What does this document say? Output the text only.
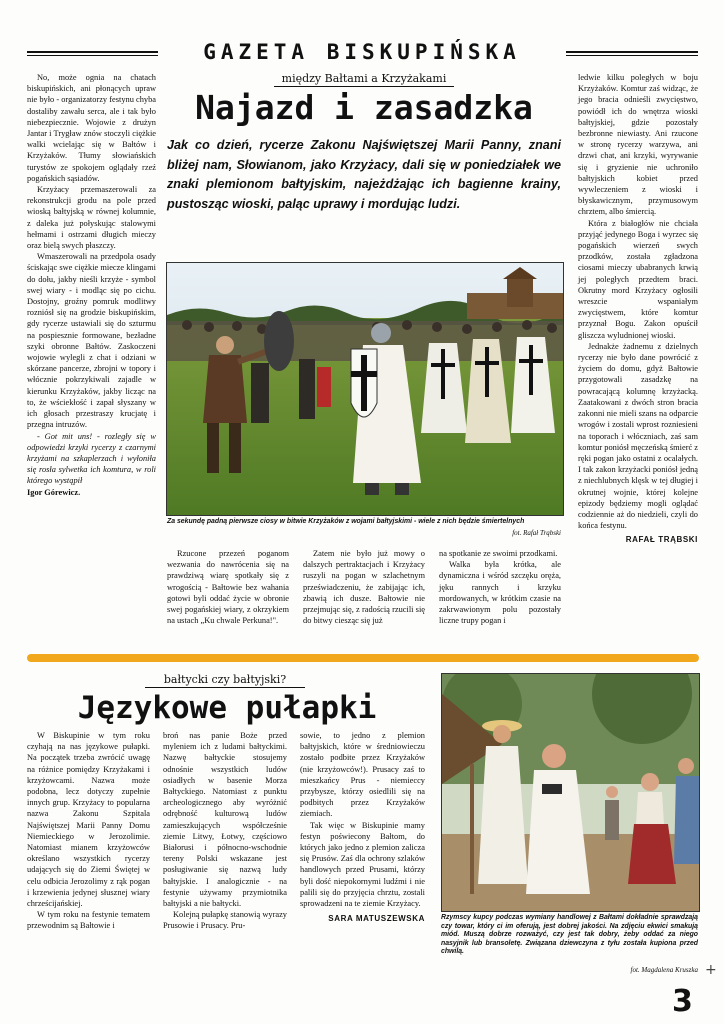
GAZETA BISKUPIŃSKA
między Bałtami a Krzyżakami
Najazd i zasadzka
Jak co dzień, rycerze Zakonu Najświętszej Marii Panny, znani bliżej nam, Słowianom, jako Krzyżacy, dali się w poniedziałek we znaki plemionom bałtyjskim, najeżdżając ich bagienne krainy, pustosząc wioski, paląc uprawy i mordując ludzi.

No, może ognia na chatach biskupińskich, ani płonących upraw nie było - organizatorzy festynu chyba dostaliby zawału serca, ale i tak było niebezpiecznie. Wojowie z drużyn Jantar i Trygław znów stoczyli ciężkie walki wcielając się w Bałtów i Krzyżaków. Tłumy słowiańskich turystów ze spokojem oglądały rzeź pogańskich sąsiadów.

Krzyżacy przemaszerowali za rekonstrukcji grodu na pole przed wioską bałtyjską w równej kolumnie, z daleka już połyskując stalowymi hełmami i ostrzami długich mieczy oraz bielą swych płaszczy.

Wmaszerowali na przedpola osady ściskając swe ciężkie miecze klingami do dołu, jakby nieśli krzyże - symbol swej wiary - i modląc się po cichu. Dostojny, groźny pomruk modlitwy rozniósł się na grodzie biskupińskim, gdy rycerze ustawiali się do szturmu na pospiesznie formowane, bezładne szyki obronne Bałtów. Zaskoczeni wojowie wylegli z chat i odziani w skórzane pancerze, zbrojni w topory i włócznie pokrzykiwali zajadle w kierunku Krzyżaków, jakby licząc na to, że wściekłość i zapał słyszany w ich głosach przestraszy krucjatę i przegna intruzów.

- Got mit uns! - rozległy się w odpowiedzi krzyki rycerzy z czarnymi krzyżami na szkaplerzach i wyłoniła się rosła sylwetka ich komtura, w roli którego wystąpił

Igor Górewicz.

ledwie kilku poległych w boju Krzyżaków. Komtur zaś widząc, że jego bracia odnieśli zwycięstwo, powiódł ich do wnętrza wioski bałtyjskiej, gdzie pozostały bezbronne niewiasty. Ani rzucone w stronę rycerzy warzywa, ani drzwi chat, ani krzyki, wyrywanie się i gryzienie nie uchroniło bałtyjskich kobiet przed wywleczeniem z wioski i błyskawicznym, przymusowym chrztem, albo śmiercią.

Która z białogłów nie chciała przyjąć jedynego Boga i wyrzec się pogańskich wierzeń swych przodków, została zgładzona ciosami mieczy ubabranych krwią jej poległych przedtem braci. Okrutny mord Krzyżacy ogłosili wreszcie wspaniałym zwycięstwem, które komtur przyznał Bogu. Zakon opuścił gliszcza wyludnionej wioski.

Jednakże żadnemu z dzielnych rycerzy nie było dane powrócić z życiem do domu, gdyż Bałtowie przygotowali zasadzkę na powracającą kolumnę krzyżacką. Zaatakowani z dwóch stron bracia zakonni nie mieli szans na odparcie wrogów i zostali wprost rozniesieni na toporach i włóczniach, zaś sam komtur poniósł męczeńską śmierć z ręki pogan jako ostatni z ocalałych. I tak zakon krzyżacki poniósł jedną z niechlubnych klęsk w tej długiej i okrutnej wojnie, której kolejne epizody będziemy mogli oglądać codziennie aż do niedzieli, czyli do końca festynu.

RAFAŁ TRĄBSKI
Za sekundę padną pierwsze ciosy w bitwie Krzyżaków z wojami bałtyjskimi - wiele z nich będzie śmiertelnych
fot. Rafał Trąbski

Rzucone przezeń poganom wezwania do nawrócenia się na prawdziwą wiarę spotkały się z wrogością - Bałtowie bez wahania gotowi byli oddać życie w obronie swej pogańskiej wiary, z okrzykiem na ustach „Ku chwale Perkuna!".

Zatem nie było już mowy o dalszych pertraktacjach i Krzyżacy ruszyli na pogan w szlachetnym przeświadczeniu, że zabijając ich, zbawią ich dusze. Bałtowie nie przejmując się, z radością rzucili się do bitwy ciesząc się już

na spotkanie ze swoimi przodkami.

Walka była krótka, ale dynamiczna i wśród szczęku oręża, jęku rannych i krzyku mordowanych, w krótkim czasie na zakrwawionym polu pozostały liczne trupy pogan i

bałtycki czy bałtyjski?
Językowe pułapki

W Biskupinie w tym roku czyhają na nas językowe pułapki. Na początek trzeba zwrócić uwagę na różnice pomiędzy Krzyżakami i krzyżowcami. Nazwa może podobna, lecz dotyczy zupełnie innych grup. Krzyżacy to popularna nazwa Zakonu Szpitala Najświętszej Marii Panny Domu Niemieckiego w Jerozolimie. Natomiast mianem krzyżowców określano wszystkich rycerzy udających się do Ziemi Świętej w celu odbicia Jerozolimy z rąk pogan i krzewienia jedynej słusznej wiary chrześcijańskiej.

W tym roku na festynie tematem przewodnim są Bałtowie i

broń nas panie Boże przed myleniem ich z ludami bałtyckimi. Nazwę bałtyckie stosujemy odnośnie wszystkich ludów osiadłych w basenie Morza Bałtyckiego. Natomiast z punktu archeologicznego aby wyróżnić odrębność kulturową ludów zamieszkujących współcześnie ziemie Litwy, Łotwy, częściowo Białorusi i północno-wschodnie tereny Polski wskazane jest posługiwanie się nazwą ludy bałtyjskie. I analogicznie - na festynie używamy przymiotnika bałtyjski a nie bałtycki.

Kolejną pułapkę stanowią wyrazy Prusowie i Prusacy. Pru-

sowie, to jedno z plemion bałtyjskich, które w średniowieczu zostało podbite przez Krzyżaków (nie krzyżowców!). Prusacy zaś to mieszkańcy Prus - niemieccy przybysze, którzy osiedlili się na podbitych przez Krzyżaków ziemiach.

Tak więc w Biskupinie mamy festyn poświecony Bałtom, do których jako jedno z plemion zalicza się Prusów. Zaś dla ochrony szlaków handlowych przed Prusami, którzy byli dość niepokornymi ludźmi i nie palili się do przyjęcia chrztu, zostali sprowadzeni na te ziemie Krzyżacy.

SARA MATUSZEWSKA Rzymscy kupcy podczas wymiany handlowej z Bałtami dokładnie sprawdzają czy towar, który ci im oferują, jest dobrej jakości. Na zdjęciu ekwici smakują miód. Muszą dobrze rozważyć, czy jest tak dobry, żeby oddać za niego nasyjnik lub bransoletę. Związana dziewczyna z tyłu została kupiona przed chwilą.
fot. Magdalena Kruszka
3
+
